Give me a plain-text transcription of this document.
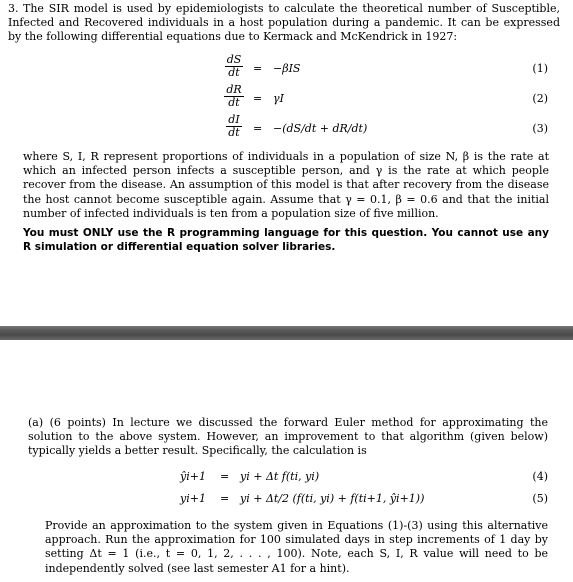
3. The SIR model is used by epidemiologists to calculate the theoretical number of Susceptible, Infected and Recovered individuals in a host population during a pandemic. It can be expressed by the following differential equations due to Kermack and McKendrick in 1927:
$\frac{dS}{dt} = -\beta IS$	(1)
$\frac{dR}{dt} = \gamma I$	(2)
$\frac{dI}{dt} = -(dS/dt + dR/dt)$	(3)
where S, I, R represent proportions of individuals in a population of size N, β is the rate at which an infected person infects a susceptible person, and γ is the rate at which people recover from the disease. An assumption of this model is that after recovery from the disease the host cannot become susceptible again. Assume that γ = 0.1, β = 0.6 and that the initial number of infected individuals is ten from a population size of five million.
You must ONLY use the R programming language for this question. You cannot use any R simulation or differential equation solver libraries.
(a) (6 points) In lecture we discussed the forward Euler method for approximating the solution to the above system. However, an improvement to that algorithm (given below) typically yields a better result. Specifically, the calculation is
ŷi+1 = yi + Δt f(ti, yi)	(4)
yi+1 = yi + Δt/2 (f(ti, yi) + f(ti+1, ŷi+1))	(5)
Provide an approximation to the system given in Equations (1)-(3) using this alternative approach. Run the approximation for 100 simulated days in step increments of 1 day by setting Δt = 1 (i.e., t = 0, 1, 2, . . . , 100). Note, each S, I, R value will need to be independently solved (see last semester A1 for a hint).
